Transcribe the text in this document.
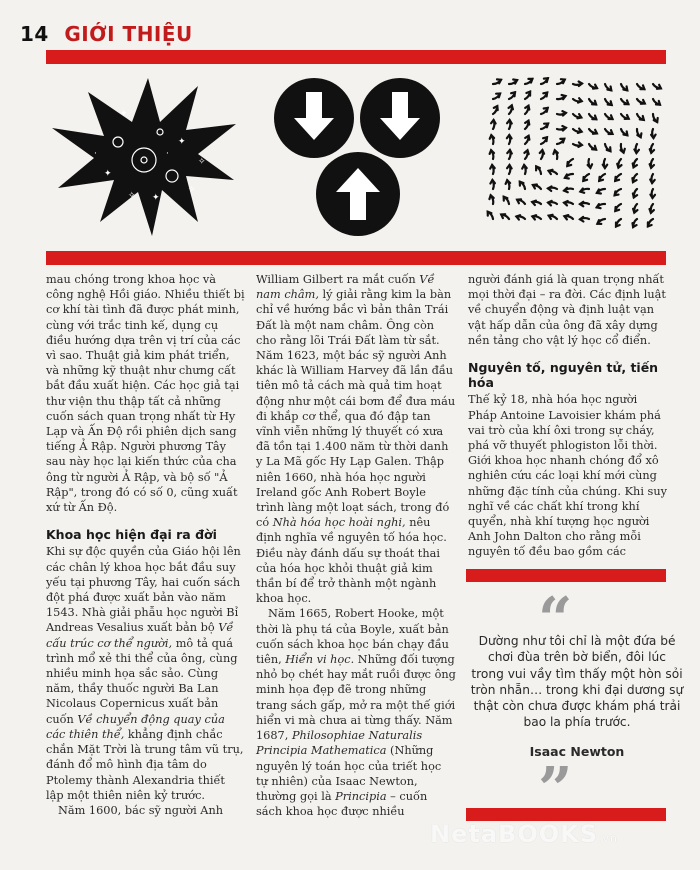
14 GIỚI THIỆU
✦
✦
✦
✦
✧
✧
·
✧
·

mau chóng trong khoa học và công nghệ Hồi giáo. Nhiều thiết bị cơ khí tài tình đã được phát minh, cùng với trắc tinh kế, dụng cụ điều hướng dựa trên vị trí của các vì sao. Thuật giả kim phát triển, và những kỹ thuật như chưng cất bắt đầu xuất hiện. Các học giả tại thư viện thu thập tất cả những cuốn sách quan trọng nhất từ Hy Lạp và Ấn Độ rồi phiên dịch sang tiếng Ả Rập. Người phương Tây sau này học lại kiến thức của cha ông từ người Ả Rập, và bộ số "Ả Rập", trong đó có số 0, cũng xuất xứ từ Ấn Độ.

Khoa học hiện đại ra đời

Khi sự độc quyền của Giáo hội lên các chân lý khoa học bắt đầu suy yếu tại phương Tây, hai cuốn sách đột phá được xuất bản vào năm 1543. Nhà giải phẫu học người Bỉ Andreas Vesalius xuất bản bộ Về cấu trúc cơ thể người, mô tả quá trình mổ xẻ thi thể của ông, cùng nhiều minh họa sắc sảo. Cùng năm, thầy thuốc người Ba Lan Nicolaus Copernicus xuất bản cuốn Về chuyển động quay của các thiên thể, khẳng định chắc chắn Mặt Trời là trung tâm vũ trụ, đánh đổ mô hình địa tâm do Ptolemy thành Alexandria thiết lập một thiên niên kỷ trước.

Năm 1600, bác sỹ người Anh

William Gilbert ra mắt cuốn Về nam châm, lý giải rằng kim la bàn chỉ về hướng bắc vì bản thân Trái Đất là một nam châm. Ông còn cho rằng lõi Trái Đất làm từ sắt. Năm 1623, một bác sỹ người Anh khác là William Harvey đã lần đầu tiên mô tả cách mà quả tim hoạt động như một cái bơm để đưa máu đi khắp cơ thể, qua đó đập tan vĩnh viễn những lý thuyết có xưa đã tồn tại 1.400 năm từ thời danh y La Mã gốc Hy Lạp Galen. Thập niên 1660, nhà hóa học người Ireland gốc Anh Robert Boyle trình làng một loạt sách, trong đó có Nhà hóa học hoài nghi, nêu định nghĩa về nguyên tố hóa học. Điều này đánh dấu sự thoát thai của hóa học khỏi thuật giả kim thần bí để trở thành một ngành khoa học.

Năm 1665, Robert Hooke, một thời là phụ tá của Boyle, xuất bản cuốn sách khoa học bán chạy đầu tiên, Hiển vi học. Những đối tượng nhỏ bọ chét hay mắt ruồi được ông minh họa đẹp đẽ trong những trang sách gấp, mở ra một thế giới hiển vi mà chưa ai từng thấy. Năm 1687, Philosophiae Naturalis Principia Mathematica (Những nguyên lý toán học của triết học tự nhiên) của Isaac Newton, thường gọi là Principia – cuốn sách khoa học được nhiều

người đánh giá là quan trọng nhất mọi thời đại – ra đời. Các định luật về chuyển động và định luật vạn vật hấp dẫn của ông đã xây dựng nền tảng cho vật lý học cổ điển.

Nguyên tố, nguyên tử, tiến hóa

Thế kỷ 18, nhà hóa học người Pháp Antoine Lavoisier khám phá vai trò của khí ôxi trong sự cháy, phá vỡ thuyết phlogiston lỗi thời. Giới khoa học nhanh chóng đổ xô nghiên cứu các loại khí mới cùng những đặc tính của chúng. Khi suy nghĩ về các chất khí trong khí quyển, nhà khí tượng học người Anh John Dalton cho rằng mỗi nguyên tố đều bao gồm các

“
Dường như tôi chỉ là một đứa bé chơi đùa trên bờ biển, đôi lúc trong vui vầy tìm thấy một hòn sỏi tròn nhẵn… trong khi đại dương sự thật còn chưa được khám phá trải bao la phía trước.
Isaac Newton
”
NetaBOOKS.vn
